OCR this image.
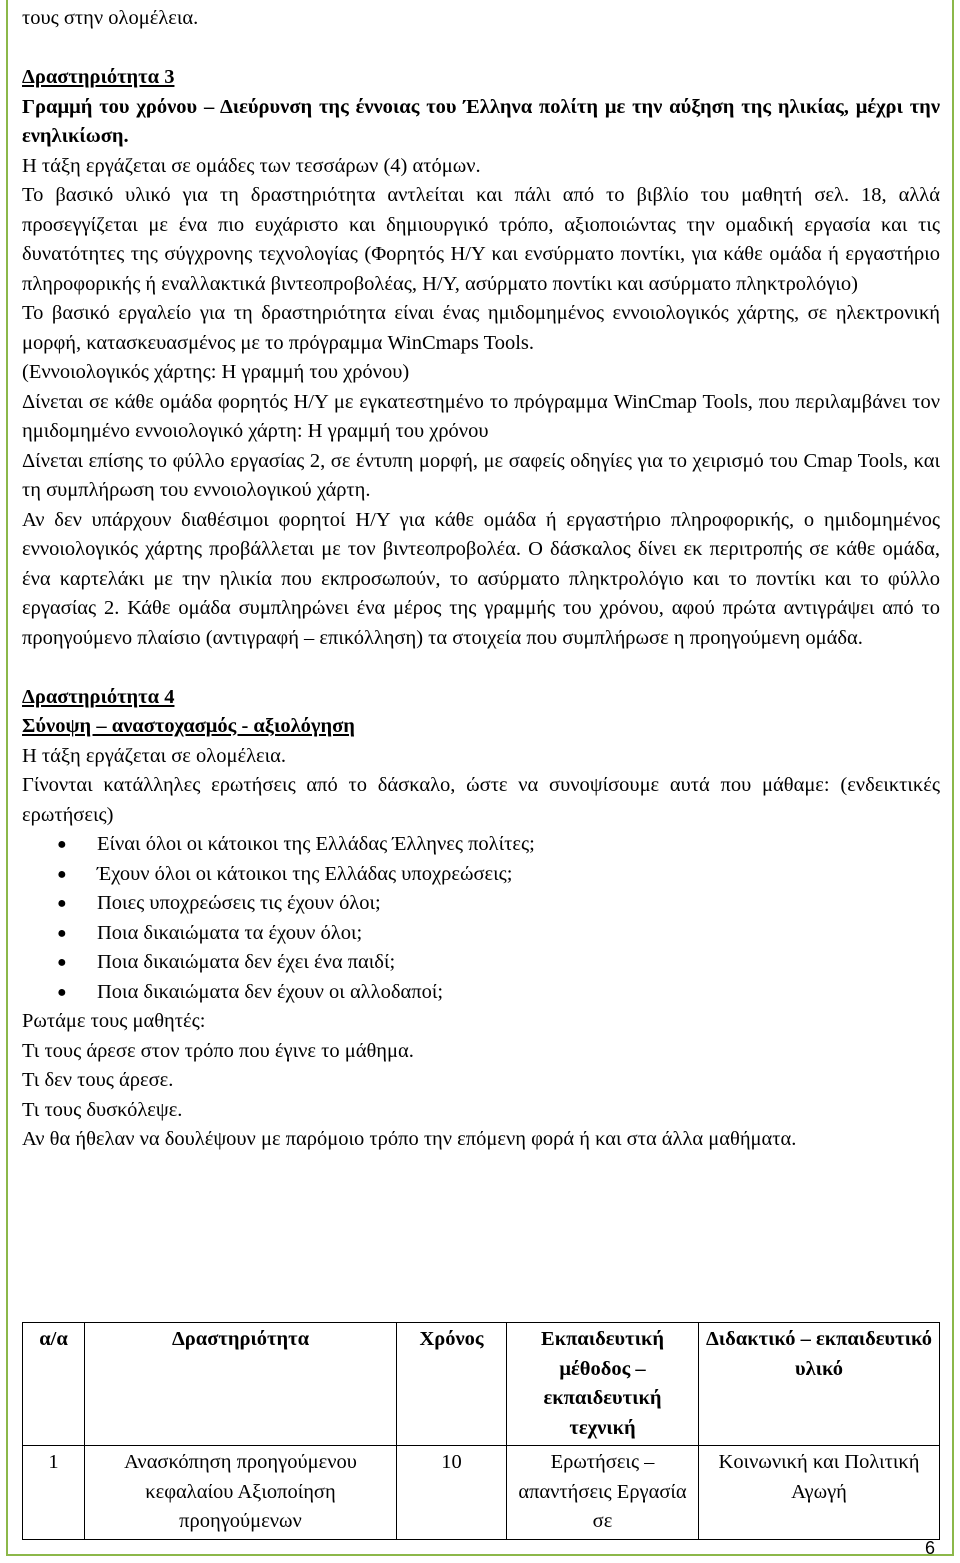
τους στην ολομέλεια.

Δραστηριότητα 3

Γραμμή του χρόνου – Διεύρυνση της έννοιας του Έλληνα πολίτη με την αύξηση της ηλικίας, μέχρι την ενηλικίωση.

Η τάξη εργάζεται σε ομάδες των τεσσάρων (4) ατόμων.

Το βασικό υλικό για τη δραστηριότητα αντλείται και πάλι από το βιβλίο του μαθητή σελ. 18, αλλά προσεγγίζεται με ένα πιο ευχάριστο και δημιουργικό τρόπο, αξιοποιώντας την ομαδική εργασία και τις δυνατότητες της σύγχρονης τεχνολογίας (Φορητός Η/Υ και ενσύρματο ποντίκι, για κάθε ομάδα ή εργαστήριο πληροφορικής ή εναλλακτικά βιντεοπροβολέας, Η/Υ, ασύρματο ποντίκι και ασύρματο πληκτρολόγιο)

Το βασικό εργαλείο για τη δραστηριότητα είναι ένας ημιδομημένος εννοιολογικός χάρτης, σε ηλεκτρονική μορφή, κατασκευασμένος με το πρόγραμμα WinCmaps Tools.

(Εννοιολογικός χάρτης: Η γραμμή του χρόνου)

Δίνεται σε κάθε ομάδα φορητός Η/Υ με εγκατεστημένο το πρόγραμμα WinCmap Tools, που περιλαμβάνει τον ημιδομημένο εννοιολογικό χάρτη: Η γραμμή του χρόνου

Δίνεται επίσης το φύλλο εργασίας 2, σε έντυπη μορφή, με σαφείς οδηγίες για το χειρισμό του Cmap Tools, και τη συμπλήρωση του εννοιολογικού χάρτη.

Αν δεν υπάρχουν διαθέσιμοι φορητοί Η/Υ για κάθε ομάδα ή εργαστήριο πληροφορικής, ο ημιδομημένος εννοιολογικός χάρτης προβάλλεται με τον βιντεοπροβολέα. Ο δάσκαλος δίνει εκ περιτροπής σε κάθε ομάδα, ένα καρτελάκι με την ηλικία που εκπροσωπούν, το ασύρματο πληκτρολόγιο και το ποντίκι και το φύλλο εργασίας 2. Κάθε ομάδα συμπληρώνει ένα μέρος της γραμμής του χρόνου, αφού πρώτα αντιγράψει από το προηγούμενο πλαίσιο (αντιγραφή – επικόλληση) τα στοιχεία που συμπλήρωσε η προηγούμενη ομάδα.

Δραστηριότητα 4

Σύνοψη – αναστοχασμός - αξιολόγηση

Η τάξη εργάζεται σε ολομέλεια.

Γίνονται κατάλληλες ερωτήσεις από το δάσκαλο, ώστε να συνοψίσουμε αυτά που μάθαμε: (ενδεικτικές ερωτήσεις)

● Είναι όλοι οι κάτοικοι της Ελλάδας Έλληνες πολίτες;
● Έχουν όλοι οι κάτοικοι της Ελλάδας υποχρεώσεις;
● Ποιες υποχρεώσεις τις έχουν όλοι;
● Ποια δικαιώματα τα έχουν όλοι;
● Ποια δικαιώματα δεν έχει ένα παιδί;
● Ποια δικαιώματα δεν έχουν οι αλλοδαποί;

Ρωτάμε τους μαθητές:

Τι τους άρεσε στον τρόπο που έγινε το μάθημα.

Τι δεν τους άρεσε.

Τι τους δυσκόλεψε.

Αν θα ήθελαν να δουλέψουν με παρόμοιο τρόπο την επόμενη φορά ή και στα άλλα μαθήματα.

α/α	Δραστηριότητα	Χρόνος	Εκπαιδευτική μέθοδος – εκπαιδευτική τεχνική	Διδακτικό – εκπαιδευτικό υλικό
1	Ανασκόπηση προηγούμενου κεφαλαίου Αξιοποίηση προηγούμενων	10	Ερωτήσεις – απαντήσεις Εργασία σε	Κοινωνική και Πολιτική Αγωγή
6
